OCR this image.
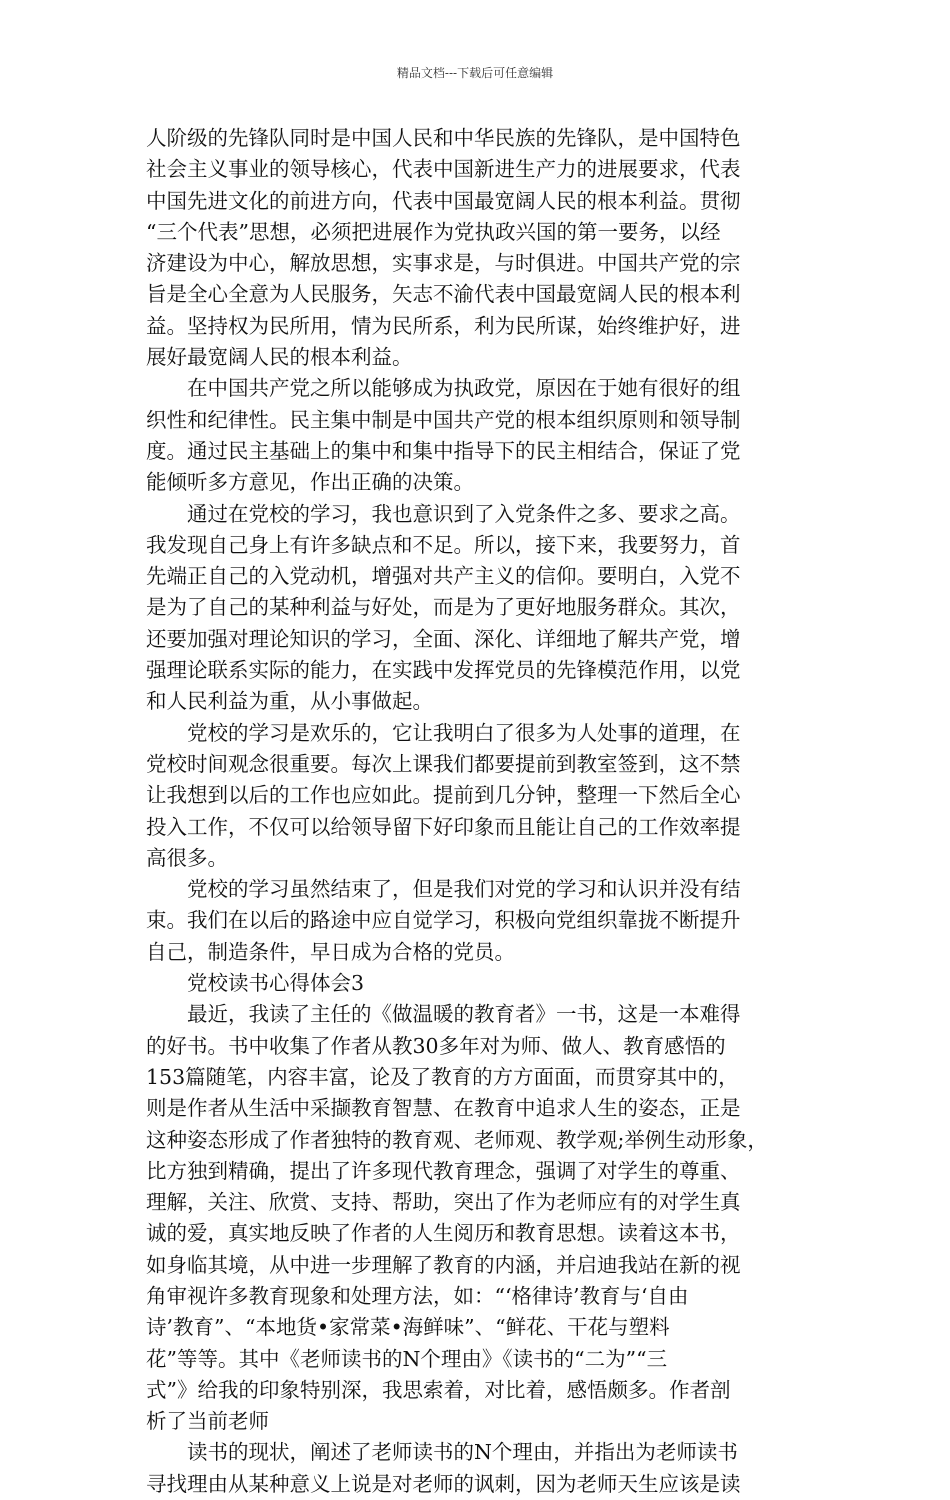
精品文档---下载后可任意编辑
人阶级的先锋队同时是中国人民和中华民族的先锋队，是中国特色
社会主义事业的领导核心，代表中国新进生产力的进展要求，代表
中国先进文化的前进方向，代表中国最宽阔人民的根本利益。贯彻
“三个代表”思想，必须把进展作为党执政兴国的第一要务，以经
济建设为中心，解放思想，实事求是，与时俱进。中国共产党的宗
旨是全心全意为人民服务，矢志不渝代表中国最宽阔人民的根本利
益。坚持权为民所用，情为民所系，利为民所谋，始终维护好，进
展好最宽阔人民的根本利益。
在中国共产党之所以能够成为执政党，原因在于她有很好的组
织性和纪律性。民主集中制是中国共产党的根本组织原则和领导制
度。通过民主基础上的集中和集中指导下的民主相结合，保证了党
能倾听多方意见，作出正确的决策。
通过在党校的学习，我也意识到了入党条件之多、要求之高。
我发现自己身上有许多缺点和不足。所以，接下来，我要努力，首
先端正自己的入党动机，增强对共产主义的信仰。要明白，入党不
是为了自己的某种利益与好处，而是为了更好地服务群众。其次，
还要加强对理论知识的学习，全面、深化、详细地了解共产党，增
强理论联系实际的能力，在实践中发挥党员的先锋模范作用，以党
和人民利益为重，从小事做起。
党校的学习是欢乐的，它让我明白了很多为人处事的道理，在
党校时间观念很重要。每次上课我们都要提前到教室签到，这不禁
让我想到以后的工作也应如此。提前到几分钟，整理一下然后全心
投入工作，不仅可以给领导留下好印象而且能让自己的工作效率提
高很多。
党校的学习虽然结束了，但是我们对党的学习和认识并没有结
束。我们在以后的路途中应自觉学习，积极向党组织靠拢不断提升
自己，制造条件，早日成为合格的党员。
党校读书心得体会3
最近，我读了主任的《做温暖的教育者》一书，这是一本难得
的好书。书中收集了作者从教30多年对为师、做人、教育感悟的
153篇随笔，内容丰富，论及了教育的方方面面，而贯穿其中的，
则是作者从生活中采撷教育智慧、在教育中追求人生的姿态，正是
这种姿态形成了作者独特的教育观、老师观、教学观;举例生动形象，
比方独到精确，提出了许多现代教育理念，强调了对学生的尊重、
理解，关注、欣赏、支持、帮助，突出了作为老师应有的对学生真
诚的爱，真实地反映了作者的人生阅历和教育思想。读着这本书，
如身临其境，从中进一步理解了教育的内涵，并启迪我站在新的视
角审视许多教育现象和处理方法，如：“‘格律诗’教育与‘自由
诗’教育”、“本地货•家常菜•海鲜味”、“鲜花、干花与塑料
花”等等。其中《老师读书的N个理由》《读书的“二为”“三
式”》给我的印象特别深，我思索着，对比着，感悟颇多。作者剖
析了当前老师
读书的现状，阐述了老师读书的N个理由，并指出为老师读书
寻找理由从某种意义上说是对老师的讽刺，因为老师天生应该是读
